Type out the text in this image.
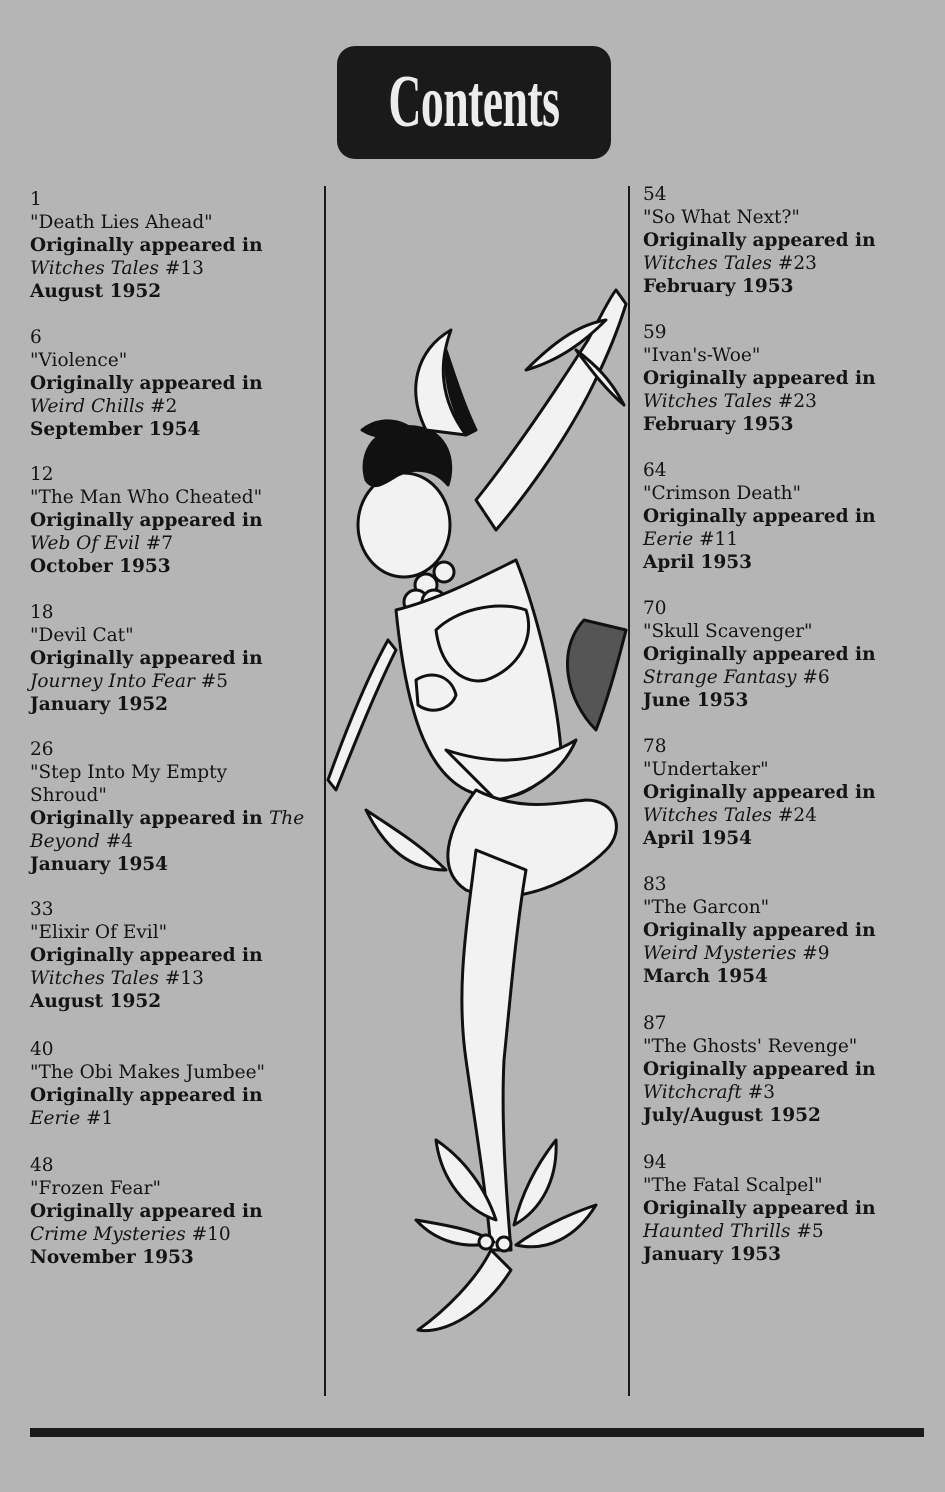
Contents
1
"Death Lies Ahead"
Originally appeared in
Witches Tales #13
August 1952
6
"Violence"
Originally appeared in
Weird Chills #2
September 1954
12
"The Man Who Cheated"
Originally appeared in
Web Of Evil #7
October 1953
18
"Devil Cat"
Originally appeared in
Journey Into Fear #5
January 1952
26
"Step Into My Empty
Shroud"
Originally appeared in The
Beyond #4
January 1954
33
"Elixir Of Evil"
Originally appeared in
Witches Tales #13
August 1952
40
"The Obi Makes Jumbee"
Originally appeared in
Eerie #1
48
"Frozen Fear"
Originally appeared in
Crime Mysteries #10
November 1953
54
"So What Next?"
Originally appeared in
Witches Tales #23
February 1953
59
"Ivan's-Woe"
Originally appeared in
Witches Tales #23
February 1953
64
"Crimson Death"
Originally appeared in
Eerie #11
April 1953
70
"Skull Scavenger"
Originally appeared in
Strange Fantasy #6
June 1953
78
"Undertaker"
Originally appeared in
Witches Tales #24
April 1954
83
"The Garcon"
Originally appeared in
Weird Mysteries #9
March 1954
87
"The Ghosts' Revenge"
Originally appeared in
Witchcraft #3
July/August 1952
94
"The Fatal Scalpel"
Originally appeared in
Haunted Thrills #5
January 1953
